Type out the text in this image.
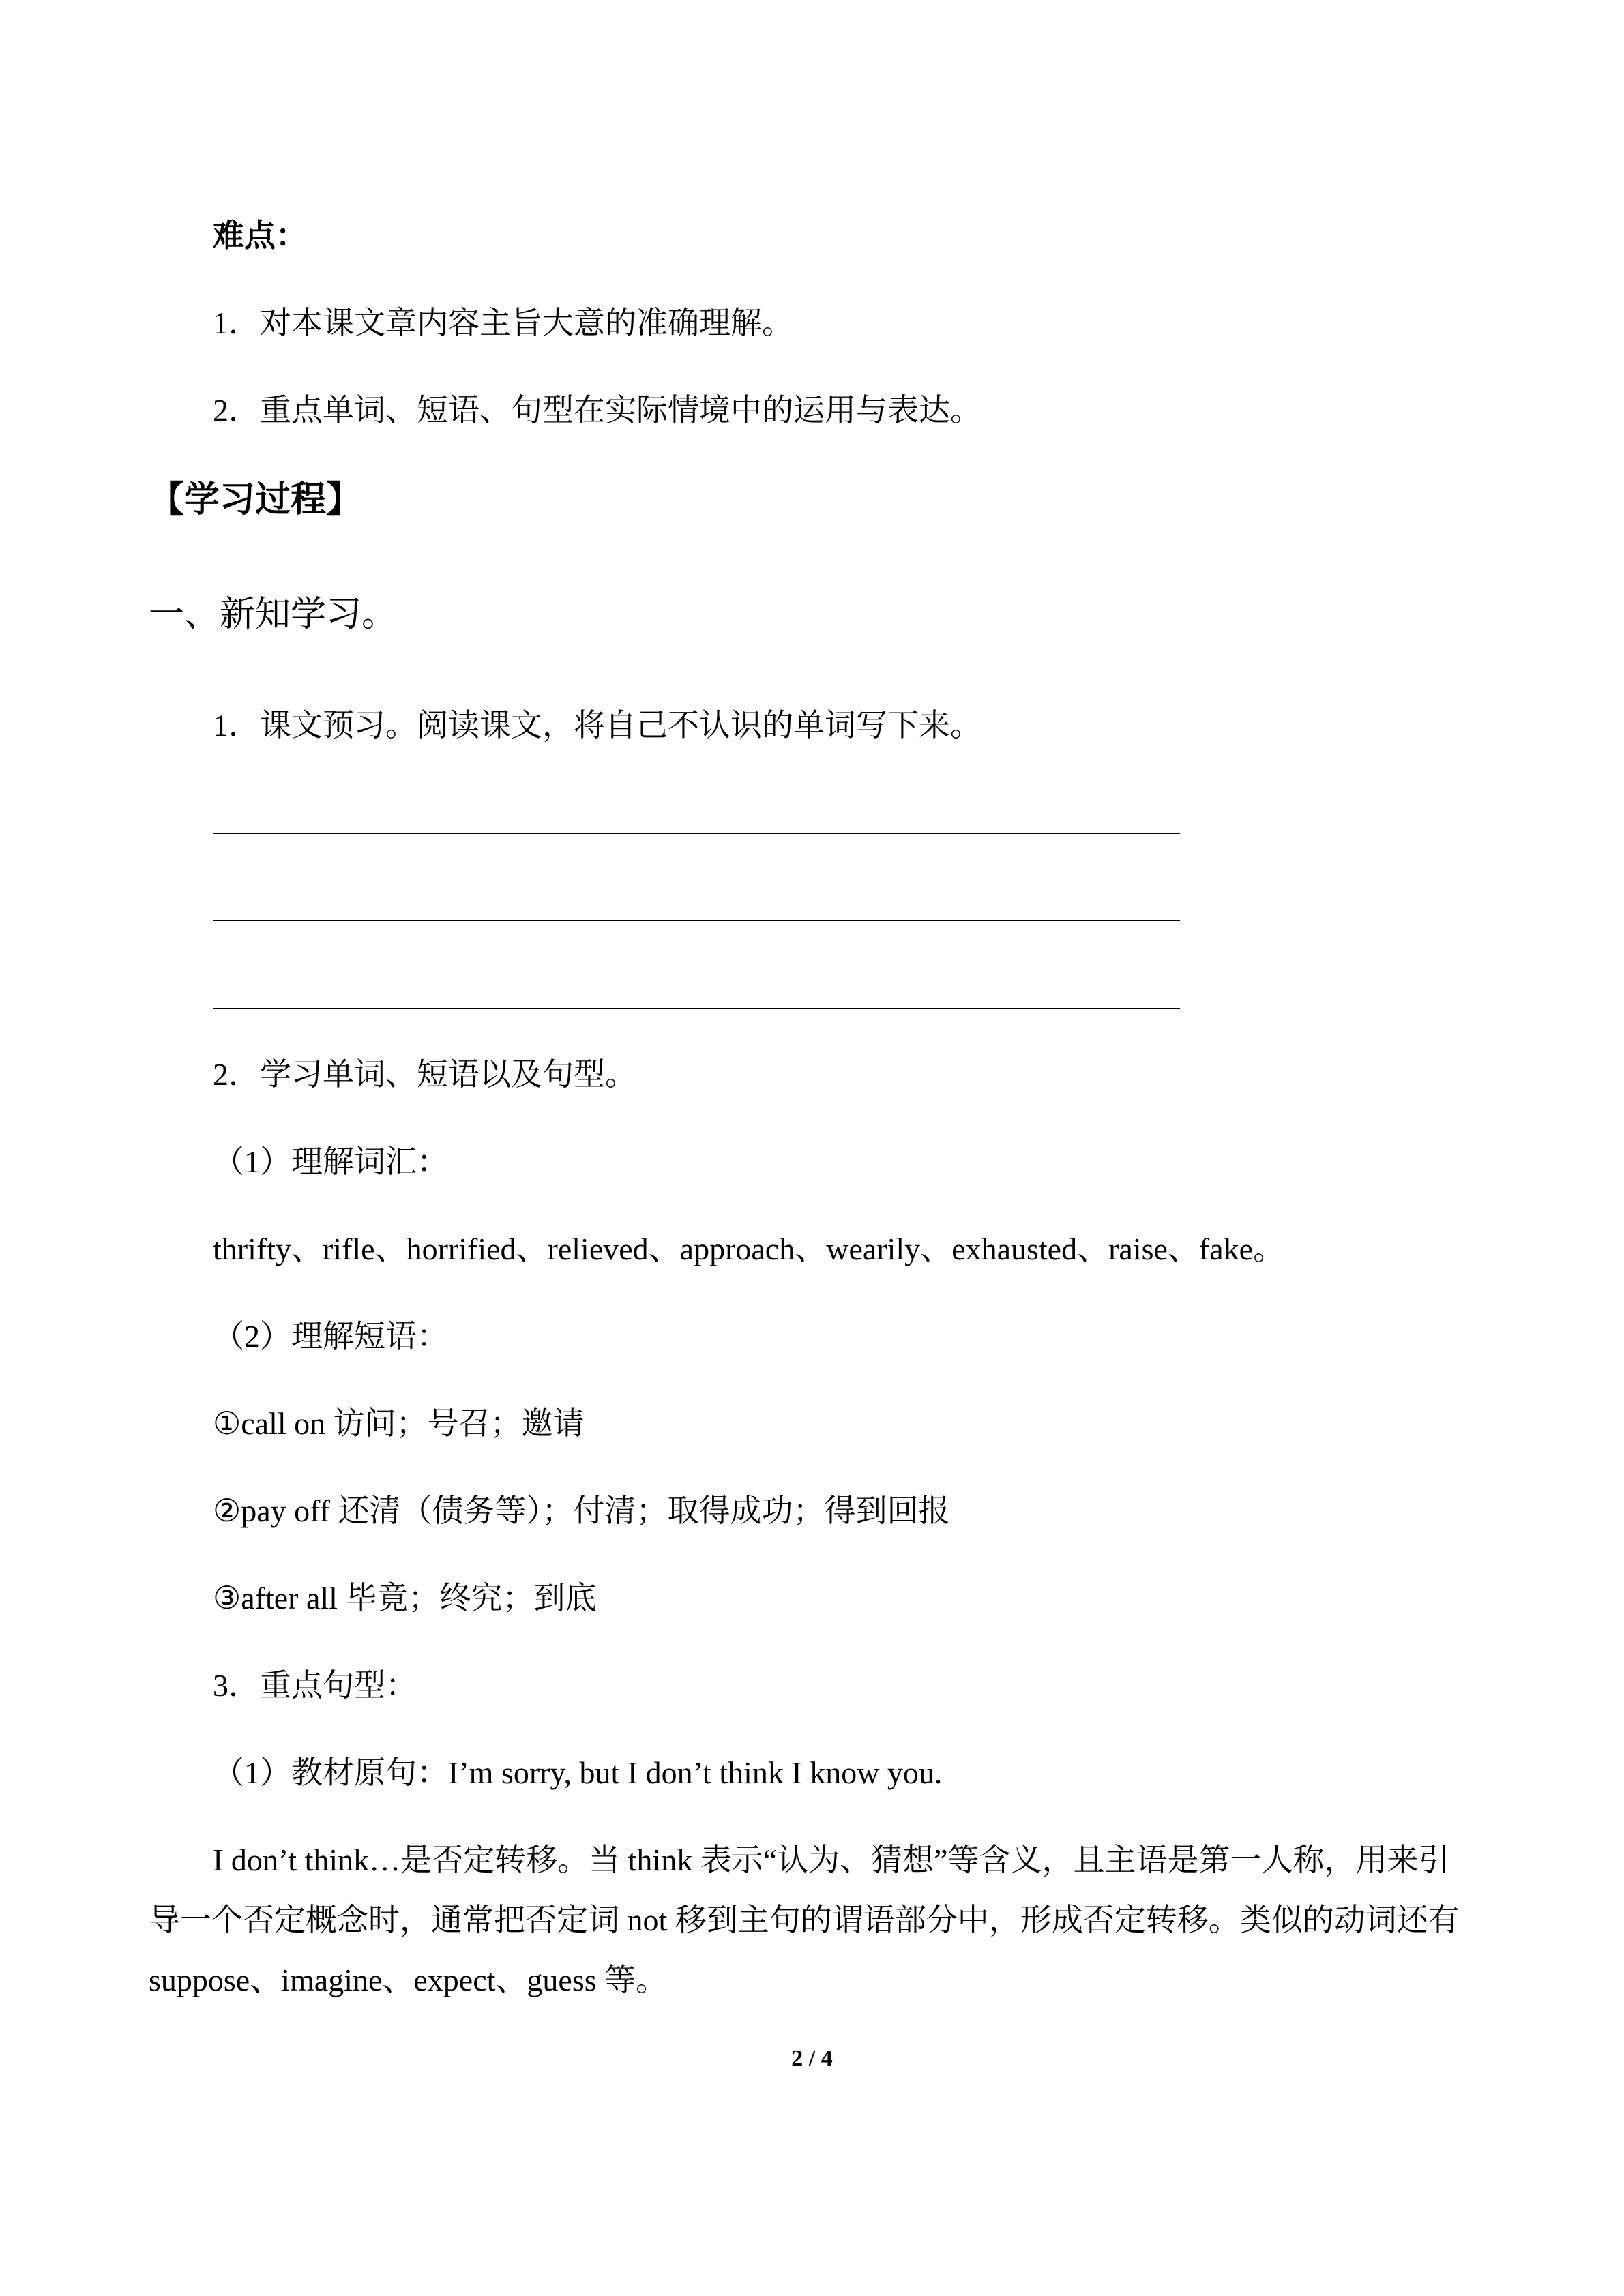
难点：
1．对本课文章内容主旨大意的准确理解。
2．重点单词、短语、句型在实际情境中的运用与表达。
【学习过程】
一、新知学习。
1．课文预习。阅读课文，将自己不认识的单词写下来。
2．学习单词、短语以及句型。
（1）理解词汇：
thrifty、rifle、horrified、relieved、approach、wearily、exhausted、raise、fake。
（2）理解短语：
①call on 访问；号召；邀请
②pay off 还清（债务等）；付清；取得成功；得到回报
③after all 毕竟；终究；到底
3．重点句型：
（1）教材原句：I’m sorry, but I don’t think I know you.
I don’t think…是否定转移。当 think 表示“认为、猜想”等含义，且主语是第一人称，用来引导一个否定概念时，通常把否定词 not 移到主句的谓语部分中，形成否定转移。类似的动词还有 suppose、imagine、expect、guess 等。
2 / 4
